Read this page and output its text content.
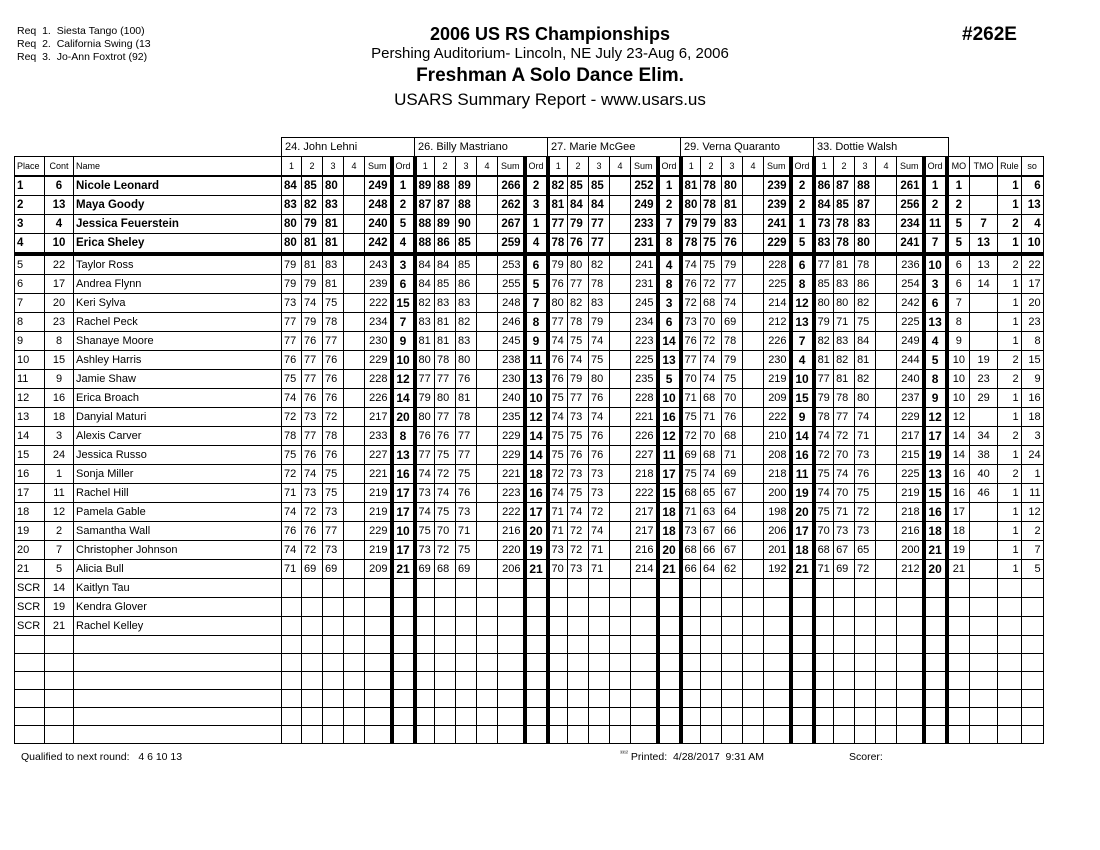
Req  1.  Siesta Tango (100)
Req  2.  California Swing (13
Req  3.  Jo-Ann Foxtrot (92)
2006 US RS Championships
Pershing Auditorium- Lincoln, NE July 23-Aug 6, 2006
Freshman A Solo Dance Elim.
USARS Summary Report - www.usars.us
#262E
24. John Lehni	26. Billy Mastriano	27. Marie McGee	29. Verna Quaranto	33. Dottie Walsh
Place	Cont	Name	1	2	3	4	Sum	Ord	1	2	3	4	Sum	Ord	1	2	3	4	Sum	Ord	1	2	3	4	Sum	Ord	1	2	3	4	Sum	Ord	MO	TMO	Rule	so
1	6	Nicole Leonard	84	85	80		249	1	89	88	89		266	2	82	85	85		252	1	81	78	80		239	2	86	87	88		261	1	1		1	6
2	13	Maya Goody	83	82	83		248	2	87	87	88		262	3	81	84	84		249	2	80	78	81		239	2	84	85	87		256	2	2		1	13
3	4	Jessica Feuerstein	80	79	81		240	5	88	89	90		267	1	77	79	77		233	7	79	79	83		241	1	73	78	83		234	11	5	7	2	4
4	10	Erica Sheley	80	81	81		242	4	88	86	85		259	4	78	76	77		231	8	78	75	76		229	5	83	78	80		241	7	5	13	1	10
5	22	Taylor Ross	79	81	83		243	3	84	84	85		253	6	79	80	82		241	4	74	75	79		228	6	77	81	78		236	10	6	13	2	22
6	17	Andrea Flynn	79	79	81		239	6	84	85	86		255	5	76	77	78		231	8	76	72	77		225	8	85	83	86		254	3	6	14	1	17
7	20	Keri Sylva	73	74	75		222	15	82	83	83		248	7	80	82	83		245	3	72	68	74		214	12	80	80	82		242	6	7		1	20
8	23	Rachel Peck	77	79	78		234	7	83	81	82		246	8	77	78	79		234	6	73	70	69		212	13	79	71	75		225	13	8		1	23
9	8	Shanaye Moore	77	76	77		230	9	81	81	83		245	9	74	75	74		223	14	76	72	78		226	7	82	83	84		249	4	9		1	8
10	15	Ashley Harris	76	77	76		229	10	80	78	80		238	11	76	74	75		225	13	77	74	79		230	4	81	82	81		244	5	10	19	2	15
11	9	Jamie Shaw	75	77	76		228	12	77	77	76		230	13	76	79	80		235	5	70	74	75		219	10	77	81	82		240	8	10	23	2	9
12	16	Erica Broach	74	76	76		226	14	79	80	81		240	10	75	77	76		228	10	71	68	70		209	15	79	78	80		237	9	10	29	1	16
13	18	Danyial Maturi	72	73	72		217	20	80	77	78		235	12	74	73	74		221	16	75	71	76		222	9	78	77	74		229	12	12		1	18
14	3	Alexis Carver	78	77	78		233	8	76	76	77		229	14	75	75	76		226	12	72	70	68		210	14	74	72	71		217	17	14	34	2	3
15	24	Jessica Russo	75	76	76		227	13	77	75	77		229	14	75	76	76		227	11	69	68	71		208	16	72	70	73		215	19	14	38	1	24
16	1	Sonja Miller	72	74	75		221	16	74	72	75		221	18	72	73	73		218	17	75	74	69		218	11	75	74	76		225	13	16	40	2	1
17	11	Rachel Hill	71	73	75		219	17	73	74	76		223	16	74	75	73		222	15	68	65	67		200	19	74	70	75		219	15	16	46	1	11
18	12	Pamela Gable	74	72	73		219	17	74	75	73		222	17	71	74	72		217	18	71	63	64		198	20	75	71	72		218	16	17		1	12
19	2	Samantha Wall	76	76	77		229	10	75	70	71		216	20	71	72	74		217	18	73	67	66		206	17	70	73	73		216	18	18		1	2
20	7	Christopher Johnson	74	72	73		219	17	73	72	75		220	19	73	72	71		216	20	68	66	67		201	18	68	67	65		200	21	19		1	7
21	5	Alicia Bull	71	69	69		209	21	69	68	69		206	21	70	73	71		214	21	66	64	62		192	21	71	69	72		212	20	21		1	5
SCR	14	Kaitlyn Tau																																		
SCR	19	Kendra Glover																																		
SCR	21	Rachel Kelley																																		

Qualified to next round:   4 6 10 13	$^{^{3312}}$ Printed:  4/28/2017  9:31 AM	Scorer:
